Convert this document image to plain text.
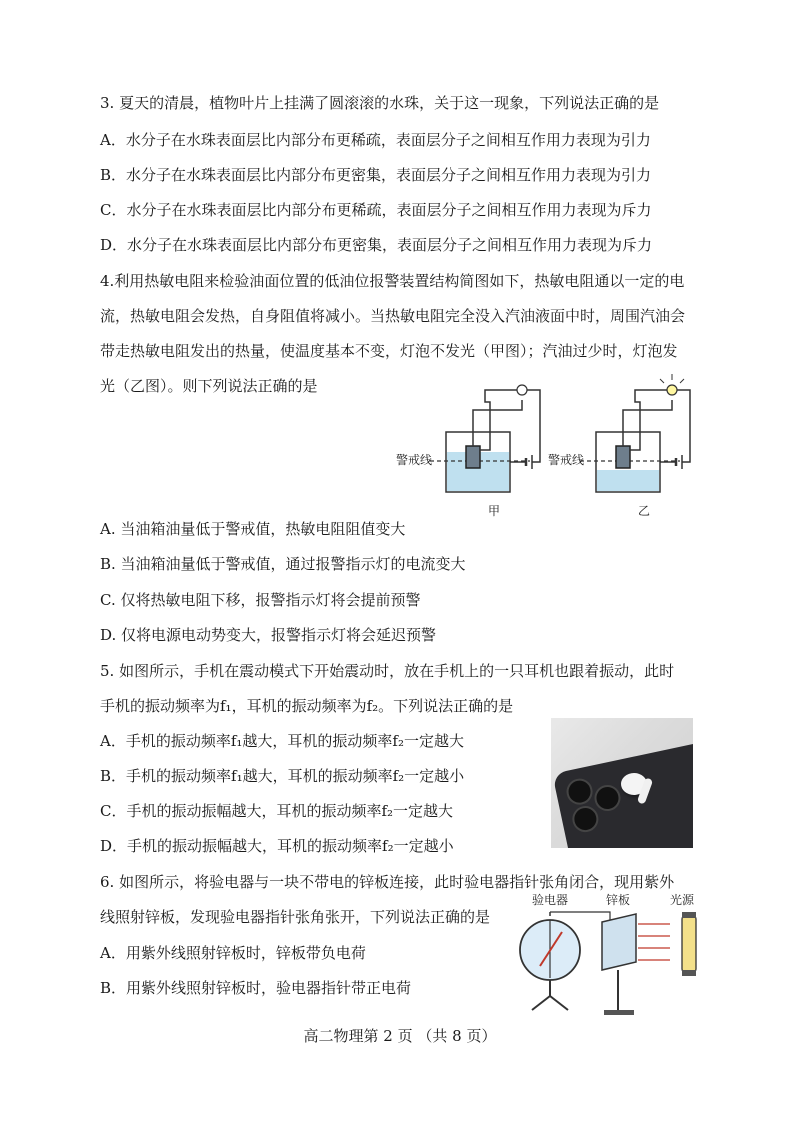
3. 夏天的清晨，植物叶片上挂满了圆滚滚的水珠，关于这一现象，下列说法正确的是
A．水分子在水珠表面层比内部分布更稀疏，表面层分子之间相互作用力表现为引力
B．水分子在水珠表面层比内部分布更密集，表面层分子之间相互作用力表现为引力
C．水分子在水珠表面层比内部分布更稀疏，表面层分子之间相互作用力表现为斥力
D．水分子在水珠表面层比内部分布更密集，表面层分子之间相互作用力表现为斥力
4.利用热敏电阻来检验油面位置的低油位报警装置结构简图如下，热敏电阻通以一定的电
流，热敏电阻会发热，自身阻值将减小。当热敏电阻完全没入汽油液面中时，周围汽油会
带走热敏电阻发出的热量，使温度基本不变，灯泡不发光（甲图）；汽油过少时，灯泡发
光（乙图）。则下列说法正确的是
警戒线
甲
警戒线
乙
A. 当油箱油量低于警戒值，热敏电阻阻值变大
B. 当油箱油量低于警戒值，通过报警指示灯的电流变大
C. 仅将热敏电阻下移，报警指示灯将会提前预警
D. 仅将电源电动势变大，报警指示灯将会延迟预警
5. 如图所示，手机在震动模式下开始震动时，放在手机上的一只耳机也跟着振动，此时
手机的振动频率为f₁，耳机的振动频率为f₂。下列说法正确的是
A．手机的振动频率f₁越大，耳机的振动频率f₂一定越大
B．手机的振动频率f₁越大，耳机的振动频率f₂一定越小
C．手机的振动振幅越大，耳机的振动频率f₂一定越大
D．手机的振动振幅越大，耳机的振动频率f₂一定越小
6. 如图所示，将验电器与一块不带电的锌板连接，此时验电器指针张角闭合，现用紫外
线照射锌板，发现验电器指针张角张开，下列说法正确的是
A．用紫外线照射锌板时，锌板带负电荷
B．用紫外线照射锌板时，验电器指针带正电荷
验电器	锌板	光源
高二物理第 2 页 （共 8 页）
